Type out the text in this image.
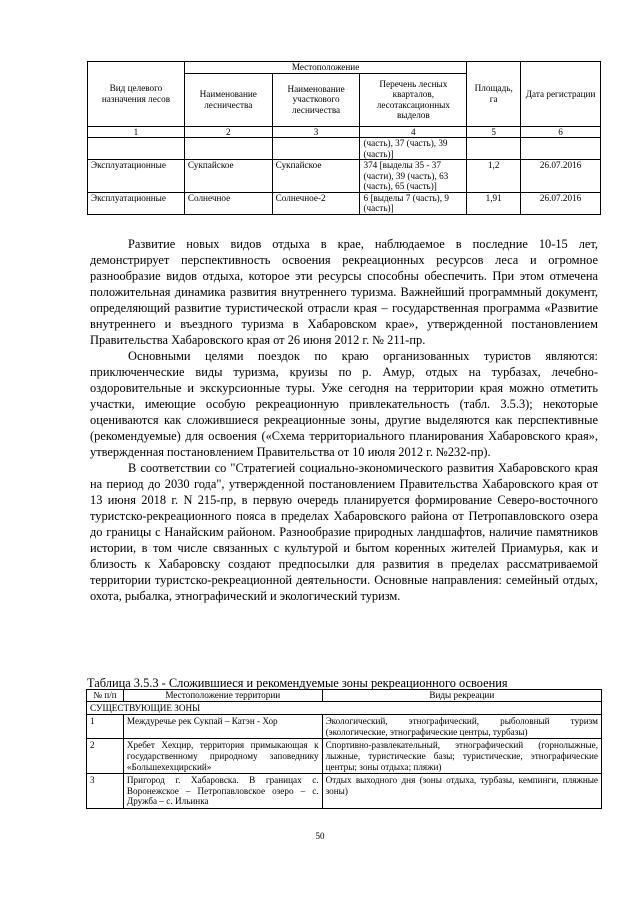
Вид целевого назначения лесов	Местоположение			Площадь, га	Дата регистрации
	Наименование лесничества	Наименование участкового лесничества	Перечень лесных кварталов, лесотаксационных выделов		
1	2	3	4	5	6
			(часть), 37 (часть), 39 (часть)]		
Эксплуатационные	Сукпайское	Сукпайское	374 [выделы 35 - 37 (части), 39 (часть), 63 (часть), 65 (часть)]	1,2	26.07.2016
Эксплуатационные	Солнечное	Солнечное-2	6 [выделы 7 (часть), 9 (часть)]	1,91	26.07.2016

Развитие новых видов отдыха в крае, наблюдаемое в последние 10-15 лет, демонстрирует перспективность освоения рекреационных ресурсов леса и огромное разнообразие видов отдыха, которое эти ресурсы способны обеспечить. При этом отмечена положительная динамика развития внутреннего туризма. Важнейший программный документ, определяющий развитие туристической отрасли края – государственная программа «Развитие внутреннего и въездного туризма в Хабаровском крае», утвержденной постановлением Правительства Хабаровского края от 26 июня 2012 г. № 211-пр.

Основными целями поездок по краю организованных туристов являются: приключенческие виды туризма, круизы по р. Амур, отдых на турбазах, лечебно-оздоровительные и экскурсионные туры. Уже сегодня на территории края можно отметить участки, имеющие особую рекреационную привлекательность (табл. 3.5.3); некоторые оцениваются как сложившиеся рекреационные зоны, другие выделяются как перспективные (рекомендуемые) для освоения («Схема территориального планирования Хабаровского края», утвержденная постановлением Правительства от 10 июля 2012 г. №232-пр).

В соответствии со "Стратегией социально-экономического развития Хабаровского края на период до 2030 года", утвержденной постановлением Правительства Хабаровского края от 13 июня 2018 г. N 215-пр, в первую очередь планируется формирование Северо-восточного туристско-рекреационного пояса в пределах Хабаровского района от Петропавловского озера до границы с Нанайским районом. Разнообразие природных ландшафтов, наличие памятников истории, в том числе связанных с культурой и бытом коренных жителей Приамурья, как и близость к Хабаровску создают предпосылки для развития в пределах рассматриваемой территории туристско-рекреационной деятельности. Основные направления: семейный отдых, охота, рыбалка, этнографический и экологический туризм.

Таблица 3.5.3 - Сложившиеся и рекомендуемые зоны рекреационного освоения
№ п/п	Местоположение территории	Виды рекреации
СУЩЕСТВУЮЩИЕ ЗОНЫ		
1	Междуречье рек Сукпай – Катэн - Хор	Экологический, этнографический, рыболовный туризм (экологические, этнографические центры, турбазы)
2	Хребет Хехцир, территория примыкающая к государственному природному заповеднику «Большехехцирский»	Спортивно-развлекательный, этнографический (горнолыжные, лыжные, туристические базы; туристические, этнографические центры; зоны отдыха; пляжи)
3	Пригород г. Хабаровска. В границах с. Воронежское – Петропавловское озеро – с. Дружба – с. Ильинка	Отдых выходного дня (зоны отдыха, турбазы, кемпинги, пляжные зоны)
50
